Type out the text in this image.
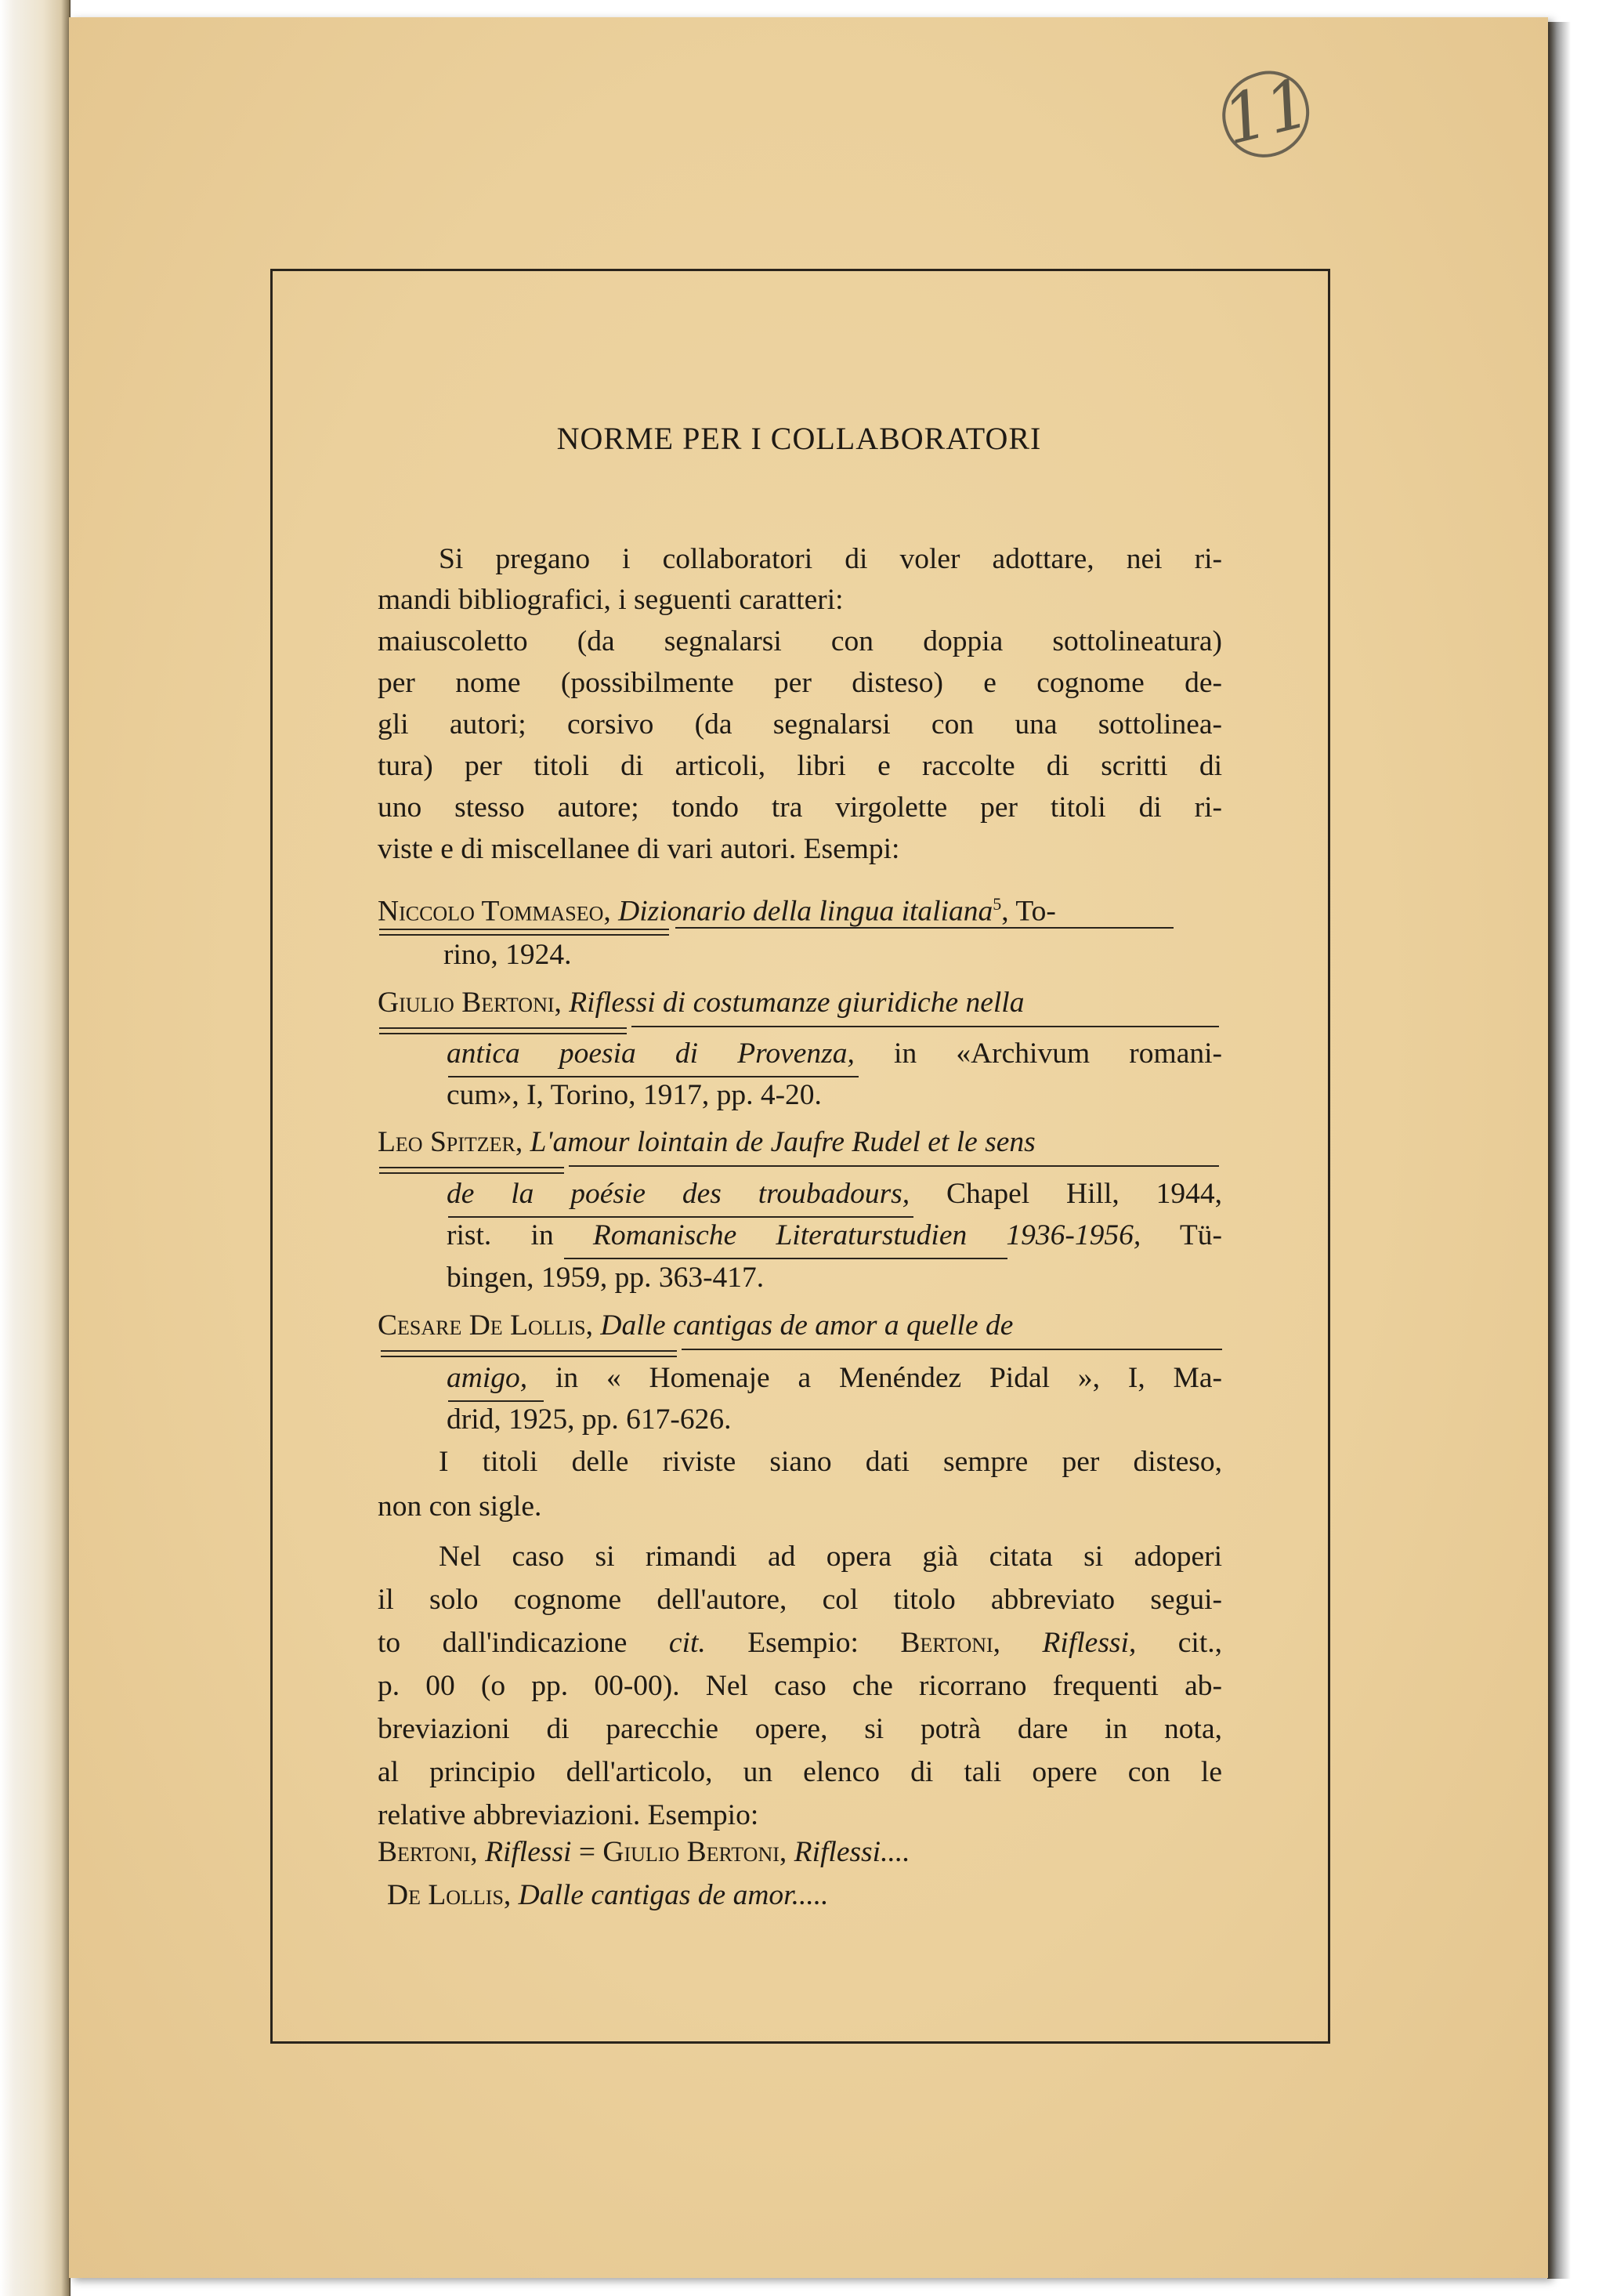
11
NORME PER I COLLABORATORI
Si pregano i collaboratori di voler adottare, nei ri-
mandi bibliografici, i seguenti caratteri:
maiuscoletto (da segnalarsi con doppia sottolineatura)
per nome (possibilmente per disteso) e cognome de-
gli autori; corsivo (da segnalarsi con una sottolinea-
tura) per titoli di articoli, libri e raccolte di scritti di
uno stesso autore; tondo tra virgolette per titoli di ri-
viste e di miscellanee di vari autori. Esempi:
Niccolo Tommaseo, Dizionario della lingua italiana$^5$, To-
rino, 1924.
Giulio Bertoni, Riflessi di costumanze giuridiche nella
antica poesia di Provenza, in «Archivum romani-
cum», I, Torino, 1917, pp. 4-20.
Leo Spitzer, L'amour lointain de Jaufre Rudel et le sens
de la poésie des troubadours, Chapel Hill, 1944,
rist. in Romanische Literaturstudien 1936-1956, Tü-
bingen, 1959, pp. 363-417.
Cesare De Lollis, Dalle cantigas de amor a quelle de
amigo, in « Homenaje a Menéndez Pidal », I, Ma-
drid, 1925, pp. 617-626.
I titoli delle riviste siano dati sempre per disteso,
non con sigle.
Nel caso si rimandi ad opera già citata si adoperi
il solo cognome dell'autore, col titolo abbreviato segui-
to dall'indicazione cit. Esempio: Bertoni, Riflessi, cit.,
p. 00 (o pp. 00-00). Nel caso che ricorrano frequenti ab-
breviazioni di parecchie opere, si potrà dare in nota,
al principio dell'articolo, un elenco di tali opere con le
relative abbreviazioni. Esempio:
Bertoni, Riflessi = Giulio Bertoni, Riflessi....
De Lollis, Dalle cantigas de amor.....
